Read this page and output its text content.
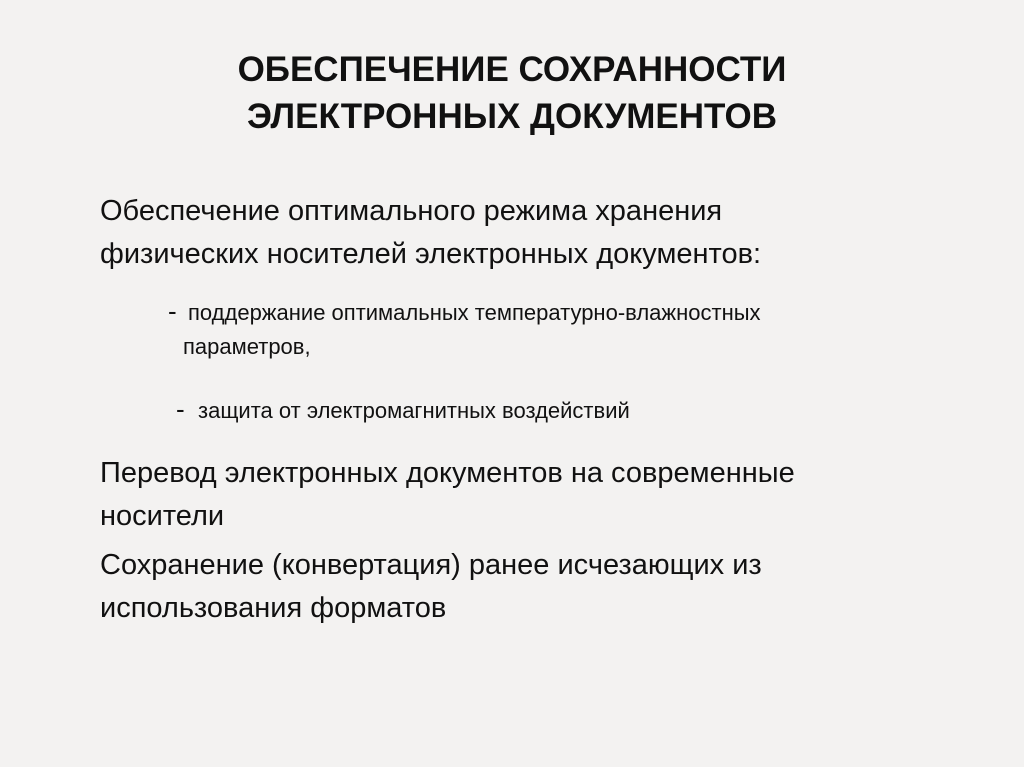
ОБЕСПЕЧЕНИЕ СОХРАННОСТИ
ЭЛЕКТРОННЫХ ДОКУМЕНТОВ
Обеспечение оптимального режима хранения
физических носителей электронных документов:
- поддержание оптимальных температурно-влажностных
параметров,
- защита от электромагнитных воздействий
Перевод электронных документов на современные
носители
Сохранение (конвертация) ранее исчезающих из
использования форматов
